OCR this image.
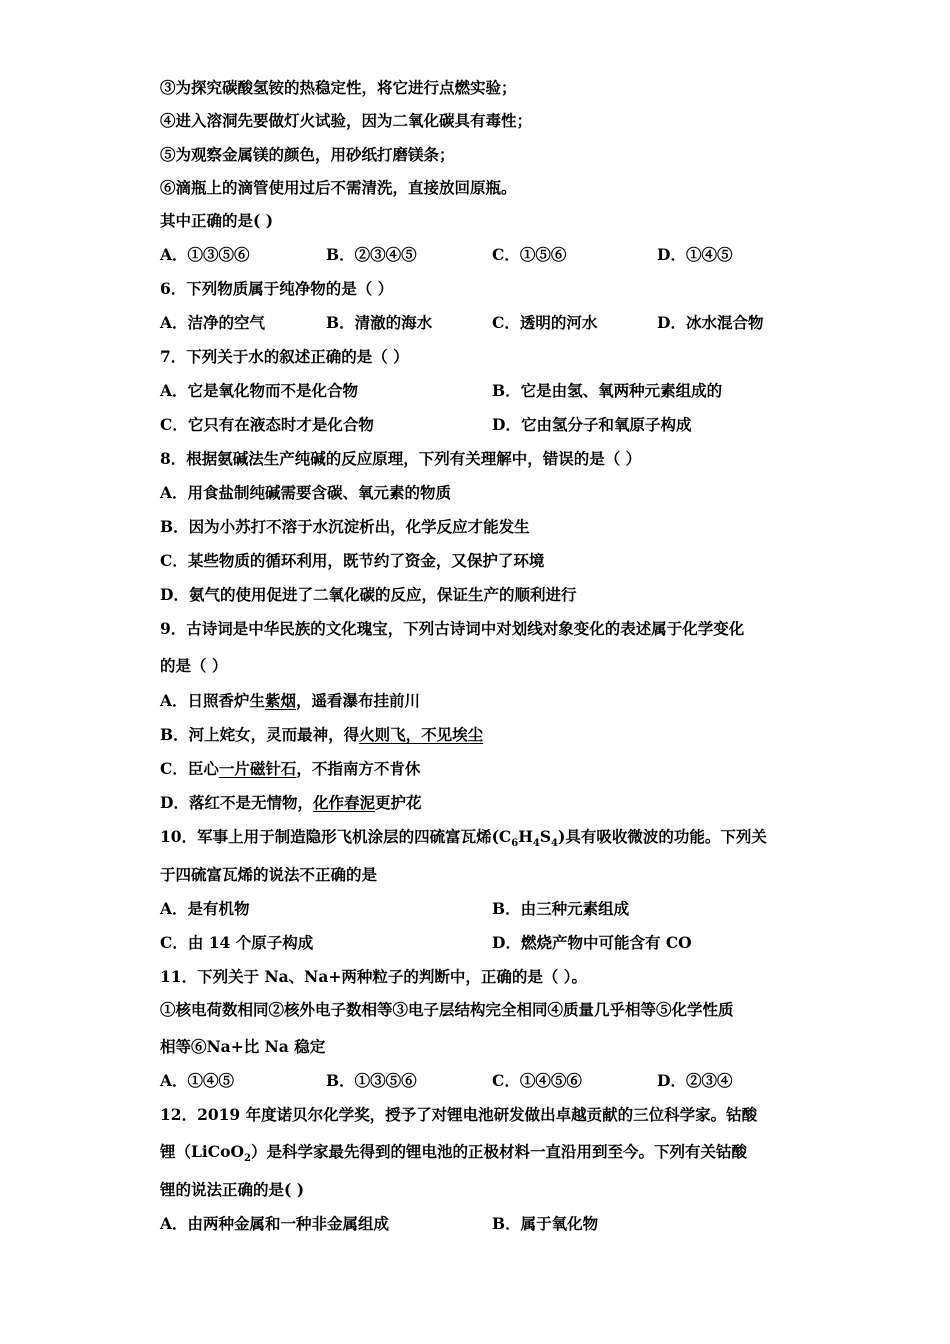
③为探究碳酸氢铵的热稳定性，将它进行点燃实验；
④进入溶洞先要做灯火试验，因为二氧化碳具有毒性；
⑤为观察金属镁的颜色，用砂纸打磨镁条；
⑥滴瓶上的滴管使用过后不需清洗，直接放回原瓶。
其中正确的是( )
A．①③⑤⑥	B．②③④⑤	C．①⑤⑥	D．①④⑤
6．下列物质属于纯净物的是（ ）
A．洁净的空气	B．清澈的海水	C．透明的河水	D．冰水混合物
7．下列关于水的叙述正确的是（ ）
A．它是氧化物而不是化合物	B．它是由氢、氧两种元素组成的
C．它只有在液态时才是化合物	D．它由氢分子和氧原子构成
8．根据氨碱法生产纯碱的反应原理，下列有关理解中，错误的是（ ）
A．用食盐制纯碱需要含碳、氧元素的物质
B．因为小苏打不溶于水沉淀析出，化学反应才能发生
C．某些物质的循环利用，既节约了资金，又保护了环境
D．氨气的使用促进了二氧化碳的反应，保证生产的顺利进行
9．古诗词是中华民族的文化瑰宝，下列古诗词中对划线对象变化的表述属于化学变化
的是（ ）
A．日照香炉生紫烟，遥看瀑布挂前川
B．河上姹女，灵而最神，得火则飞，不见埃尘
C．臣心一片磁针石，不指南方不肯休
D．落红不是无情物，化作春泥更护花
10．军事上用于制造隐形飞机涂层的四硫富瓦烯$(C_6H_4S_4)$具有吸收微波的功能。下列关
于四硫富瓦烯的说法不正确的是
A．是有机物	B．由三种元素组成
C．由 14 个原子构成	D．燃烧产物中可能含有 CO
11．下列关于 Na、Na+两种粒子的判断中，正确的是（ ）。
①核电荷数相同②核外电子数相等③电子层结构完全相同④质量几乎相等⑤化学性质
相等⑥Na+比 Na 稳定
A．①④⑤	B．①③⑤⑥	C．①④⑤⑥	D．②③④
12．2019 年度诺贝尔化学奖，授予了对锂电池研发做出卓越贡献的三位科学家。钴酸
锂（LiCoO$_2$）是科学家最先得到的锂电池的正极材料一直沿用到至今。下列有关钴酸
锂的说法正确的是( )
A．由两种金属和一种非金属组成	B．属于氧化物
